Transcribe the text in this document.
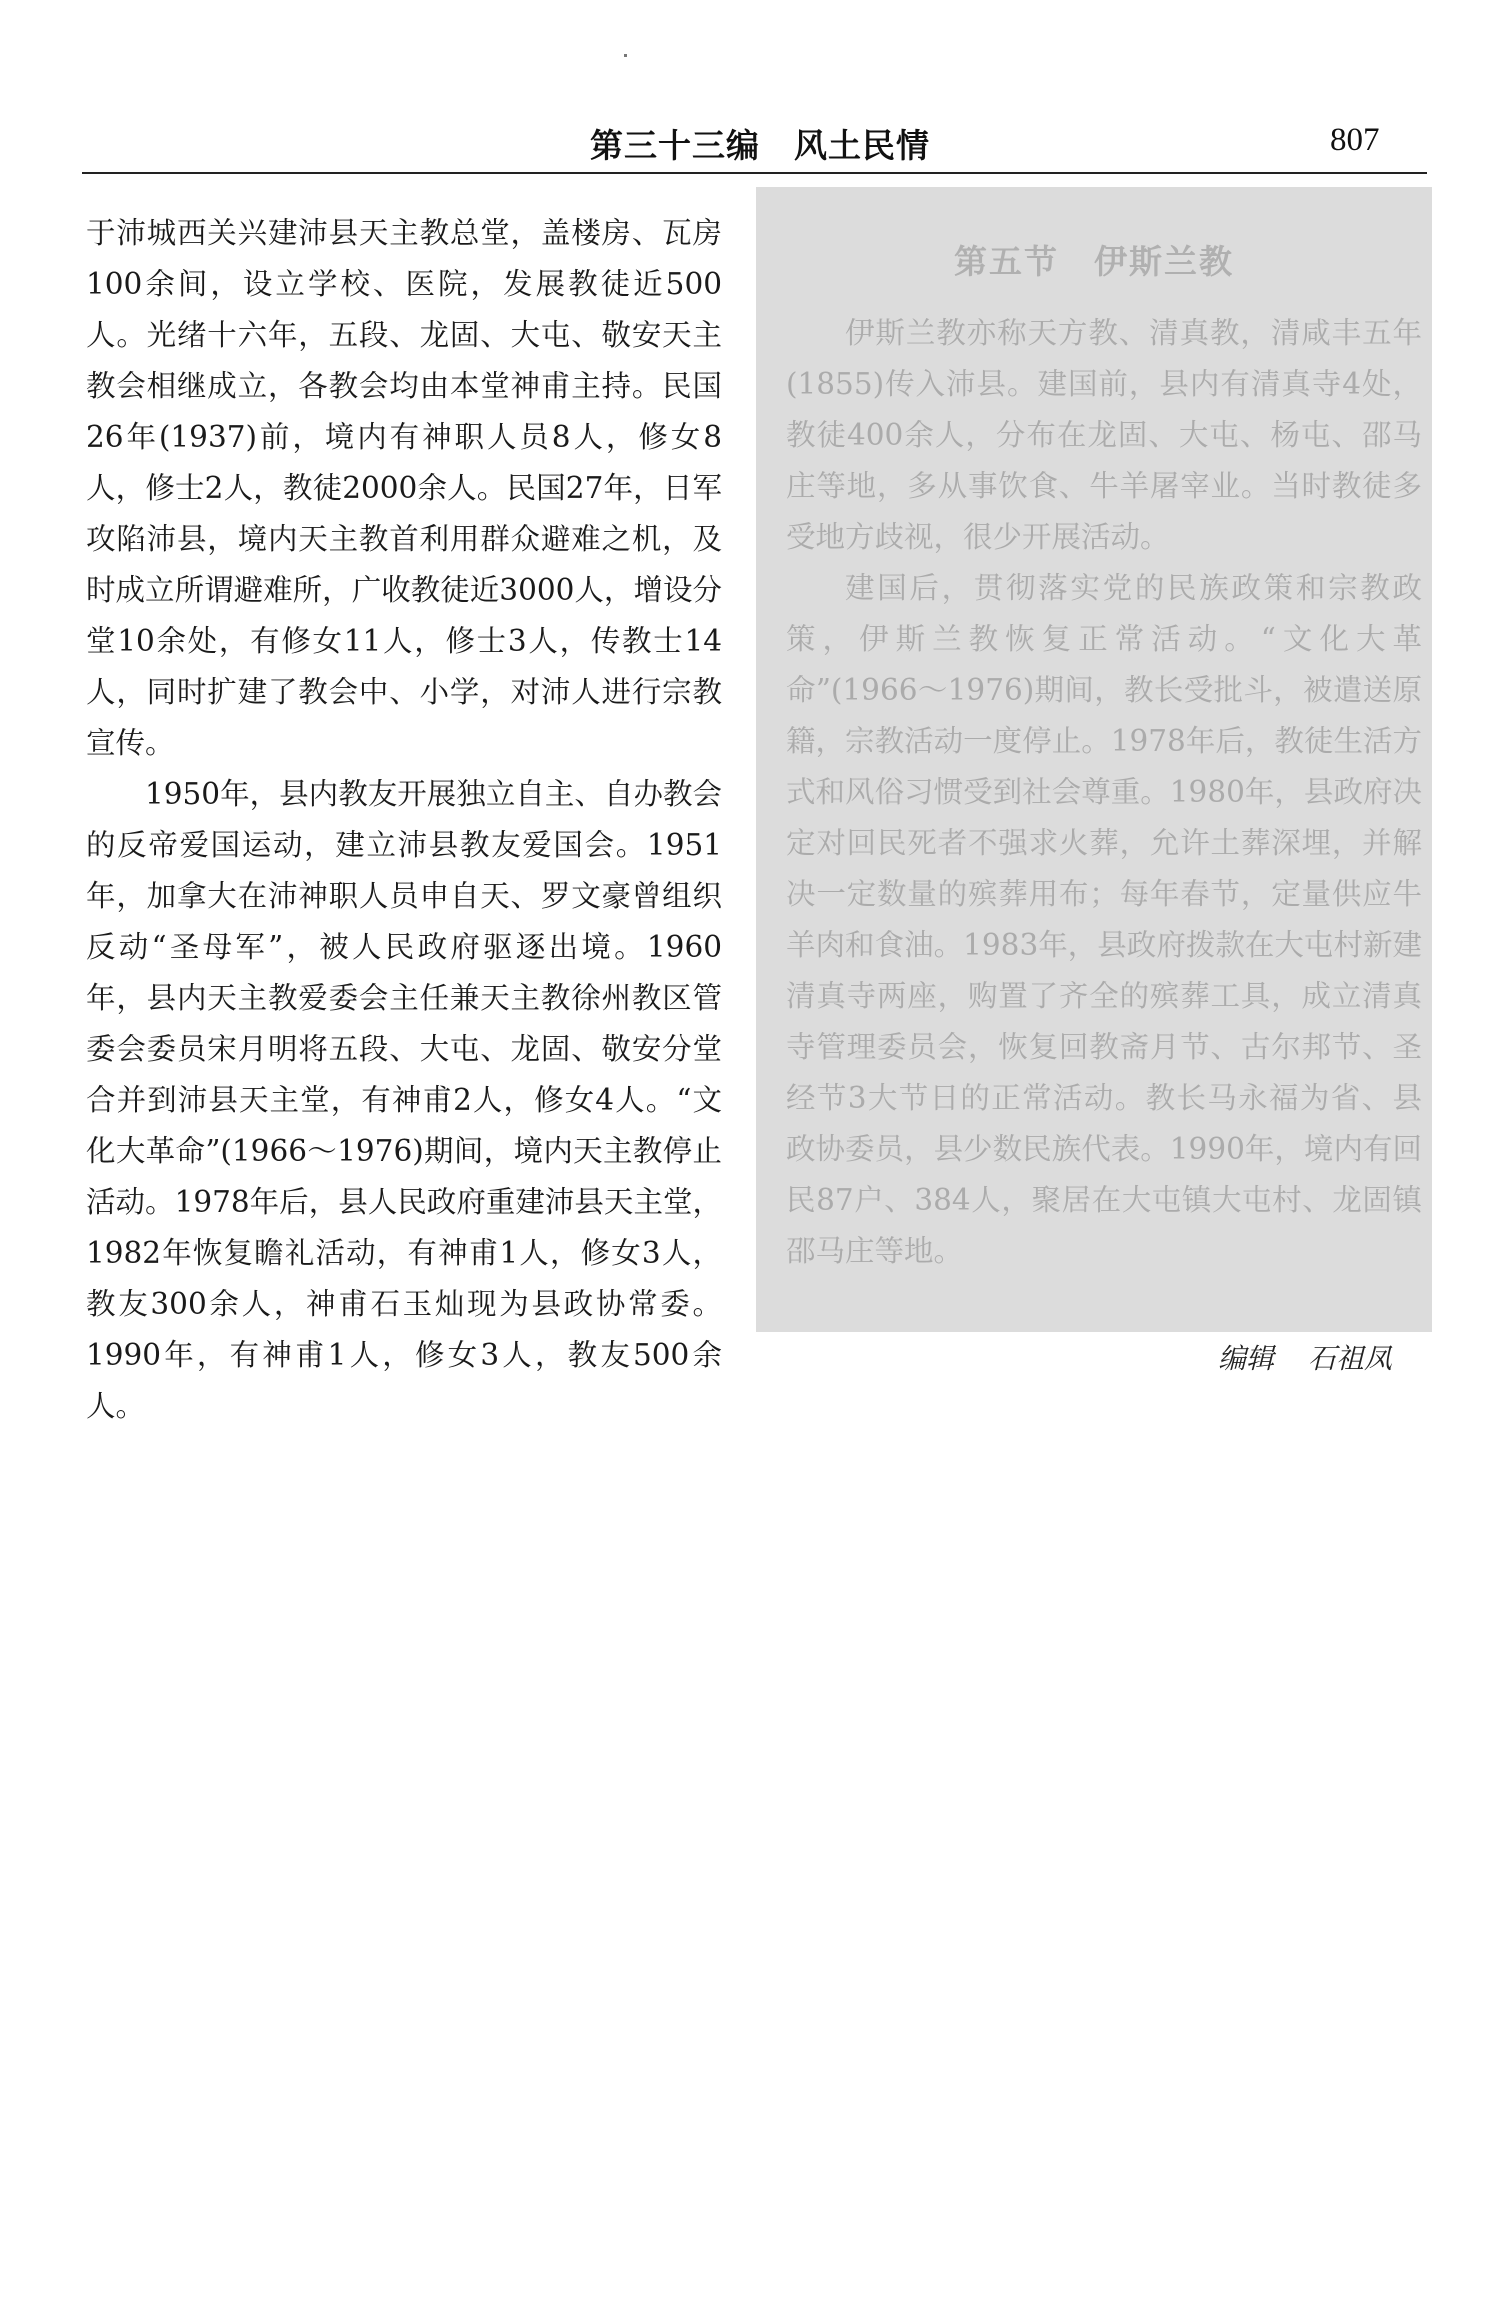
第三十三编　风土民情	807

于沛城西关兴建沛县天主教总堂，盖楼房、瓦房100余间，设立学校、医院，发展教徒近500人。光绪十六年，五段、龙固、大屯、敬安天主教会相继成立，各教会均由本堂神甫主持。民国26年(1937)前，境内有神职人员8人，修女8人，修士2人，教徒2000余人。民国27年，日军攻陷沛县，境内天主教首利用群众避难之机，及时成立所谓避难所，广收教徒近3000人，增设分堂10余处，有修女11人，修士3人，传教士14人，同时扩建了教会中、小学，对沛人进行宗教宣传。

1950年，县内教友开展独立自主、自办教会的反帝爱国运动，建立沛县教友爱国会。1951年，加拿大在沛神职人员申自天、罗文豪曾组织反动“圣母军”，被人民政府驱逐出境。1960年，县内天主教爱委会主任兼天主教徐州教区管委会委员宋月明将五段、大屯、龙固、敬安分堂合并到沛县天主堂，有神甫2人，修女4人。“文化大革命”(1966～1976)期间，境内天主教停止活动。1978年后，县人民政府重建沛县天主堂，1982年恢复瞻礼活动，有神甫1人，修女3人，教友300余人，神甫石玉灿现为县政协常委。1990年，有神甫1人，修女3人，教友500余人。

第五节　伊斯兰教

伊斯兰教亦称天方教、清真教，清咸丰五年(1855)传入沛县。建国前，县内有清真寺4处，教徒400余人，分布在龙固、大屯、杨屯、邵马庄等地，多从事饮食、牛羊屠宰业。当时教徒多受地方歧视，很少开展活动。

建国后，贯彻落实党的民族政策和宗教政策，伊斯兰教恢复正常活动。“文化大革命”(1966～1976)期间，教长受批斗，被遣送原籍，宗教活动一度停止。1978年后，教徒生活方式和风俗习惯受到社会尊重。1980年，县政府决定对回民死者不强求火葬，允许土葬深埋，并解决一定数量的殡葬用布；每年春节，定量供应牛羊肉和食油。1983年，县政府拨款在大屯村新建清真寺两座，购置了齐全的殡葬工具，成立清真寺管理委员会，恢复回教斋月节、古尔邦节、圣经节3大节日的正常活动。教长马永福为省、县政协委员，县少数民族代表。1990年，境内有回民87户、384人，聚居在大屯镇大屯村、龙固镇邵马庄等地。

编辑 石祖凤
